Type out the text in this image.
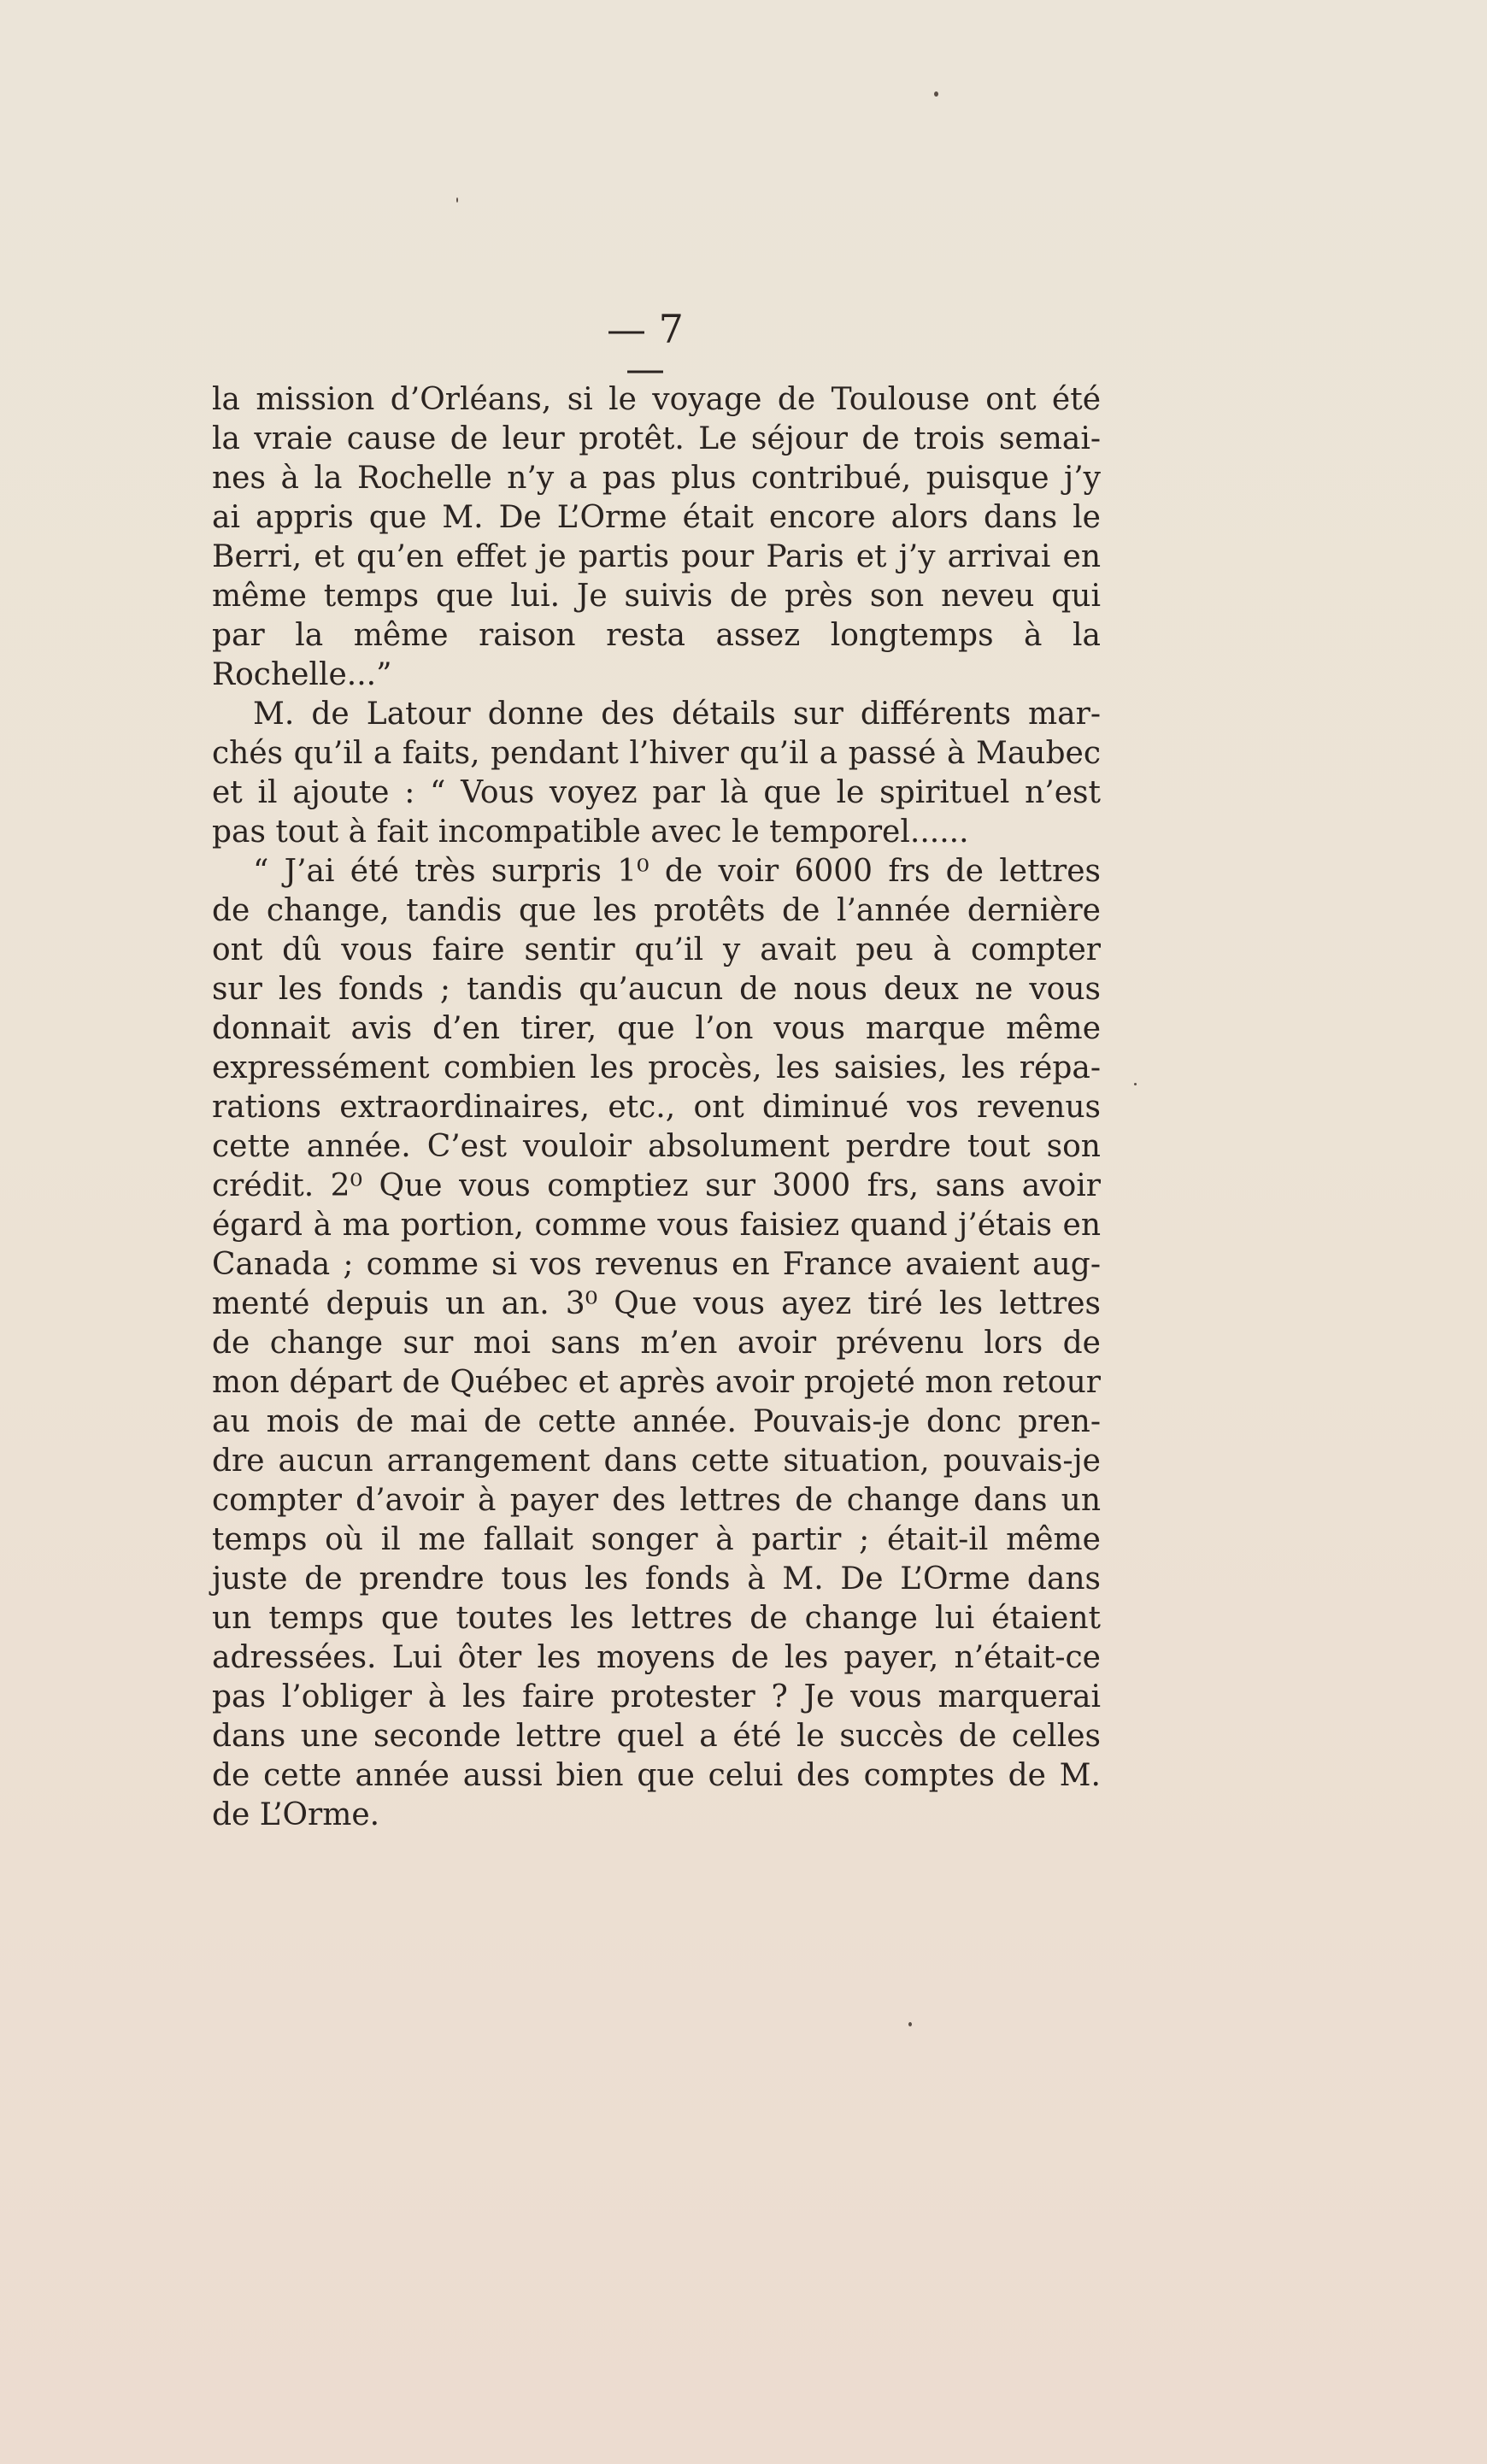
— 7 —
la mission d’Orléans, si le voyage de Toulouse ont été
la vraie cause de leur protêt. Le séjour de trois semai-
nes à la Rochelle n’y a pas plus contribué, puisque j’y
ai appris que M. De L’Orme était encore alors dans le
Berri, et qu’en effet je partis pour Paris et j’y arrivai en
même temps que lui. Je suivis de près son neveu qui
par la même raison resta assez longtemps à la
Rochelle...”
M. de Latour donne des détails sur différents mar-
chés qu’il a faits, pendant l’hiver qu’il a passé à Maubec
et il ajoute : “ Vous voyez par là que le spirituel n’est
pas tout à fait incompatible avec le temporel......
“ J’ai été très surpris 1⁰ de voir 6000 frs de lettres
de change, tandis que les protêts de l’année dernière
ont dû vous faire sentir qu’il y avait peu à compter
sur les fonds ; tandis qu’aucun de nous deux ne vous
donnait avis d’en tirer, que l’on vous marque même
expressément combien les procès, les saisies, les répa-
rations extraordinaires, etc., ont diminué vos revenus
cette année. C’est vouloir absolument perdre tout son
crédit. 2⁰ Que vous comptiez sur 3000 frs, sans avoir
égard à ma portion, comme vous faisiez quand j’étais en
Canada ; comme si vos revenus en France avaient aug-
menté depuis un an. 3⁰ Que vous ayez tiré les lettres
de change sur moi sans m’en avoir prévenu lors de
mon départ de Québec et après avoir projeté mon retour
au mois de mai de cette année. Pouvais-je donc pren-
dre aucun arrangement dans cette situation, pouvais-je
compter d’avoir à payer des lettres de change dans un
temps où il me fallait songer à partir ; était-il même
juste de prendre tous les fonds à M. De L’Orme dans
un temps que toutes les lettres de change lui étaient
adressées. Lui ôter les moyens de les payer, n’était-ce
pas l’obliger à les faire protester ? Je vous marquerai
dans une seconde lettre quel a été le succès de celles
de cette année aussi bien que celui des comptes de M.
de L’Orme.
